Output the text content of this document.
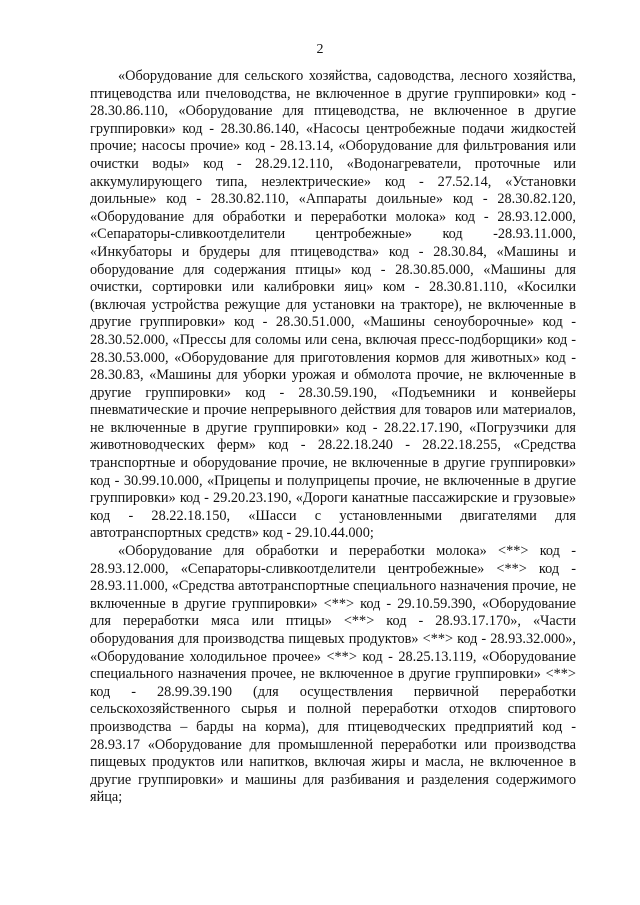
2

«Оборудование для сельского хозяйства, садоводства, лесного хозяйства, птицеводства или пчеловодства, не включенное в другие группировки» код - 28.30.86.110, «Оборудование для птицеводства, не включенное в другие группировки» код - 28.30.86.140, «Насосы центробежные подачи жидкостей прочие; насосы прочие» код - 28.13.14, «Оборудование для фильтрования или очистки воды» код - 28.29.12.110, «Водонагреватели, проточные или аккумулирующего типа, неэлектрические» код - 27.52.14, «Установки доильные» код - 28.30.82.110, «Аппараты доильные» код - 28.30.82.120, «Оборудование для обработки и переработки молока» код - 28.93.12.000, «Сепараторы-сливкоотделители центробежные» код -28.93.11.000, «Инкубаторы и брудеры для птицеводства» код - 28.30.84, «Машины и оборудование для содержания птицы» код - 28.30.85.000, «Машины для очистки, сортировки или калибровки яиц» ком - 28.30.81.110, «Косилки (включая устройства режущие для установки на тракторе), не включенные в другие группировки» код - 28.30.51.000, «Машины сеноуборочные» код - 28.30.52.000, «Прессы для соломы или сена, включая пресс-подборщики» код - 28.30.53.000, «Оборудование для приготовления кормов для животных» код - 28.30.83, «Машины для уборки урожая и обмолота прочие, не включенные в другие группировки» код - 28.30.59.190, «Подъемники и конвейеры пневматические и прочие непрерывного действия для товаров или материалов, не включенные в другие группировки» код - 28.22.17.190, «Погрузчики для животноводческих ферм» код - 28.22.18.240 - 28.22.18.255, «Средства транспортные и оборудование прочие, не включенные в другие группировки» код - 30.99.10.000, «Прицепы и полуприцепы прочие, не включенные в другие группировки» код - 29.20.23.190, «Дороги канатные пассажирские и грузовые» код - 28.22.18.150, «Шасси с установленными двигателями для автотранспортных средств» код - 29.10.44.000;

«Оборудование для обработки и переработки молока» <**> код - 28.93.12.000, «Сепараторы-сливкоотделители центробежные» <**> код - 28.93.11.000, «Средства автотранспортные специального назначения прочие, не включенные в другие группировки» <**> код - 29.10.59.390, «Оборудование для переработки мяса или птицы» <**> код - 28.93.17.170», «Части оборудования для производства пищевых продуктов» <**> код - 28.93.32.000», «Оборудование холодильное прочее» <**> код - 28.25.13.119, «Оборудование специального назначения прочее, не включенное в другие группировки» <**> код - 28.99.39.190 (для осуществления первичной переработки сельскохозяйственного сырья и полной переработки отходов спиртового производства – барды на корма), для птицеводческих предприятий код - 28.93.17 «Оборудование для промышленной переработки или производства пищевых продуктов или напитков, включая жиры и масла, не включенное в другие группировки» и машины для разбивания и разделения содержимого яйца;
